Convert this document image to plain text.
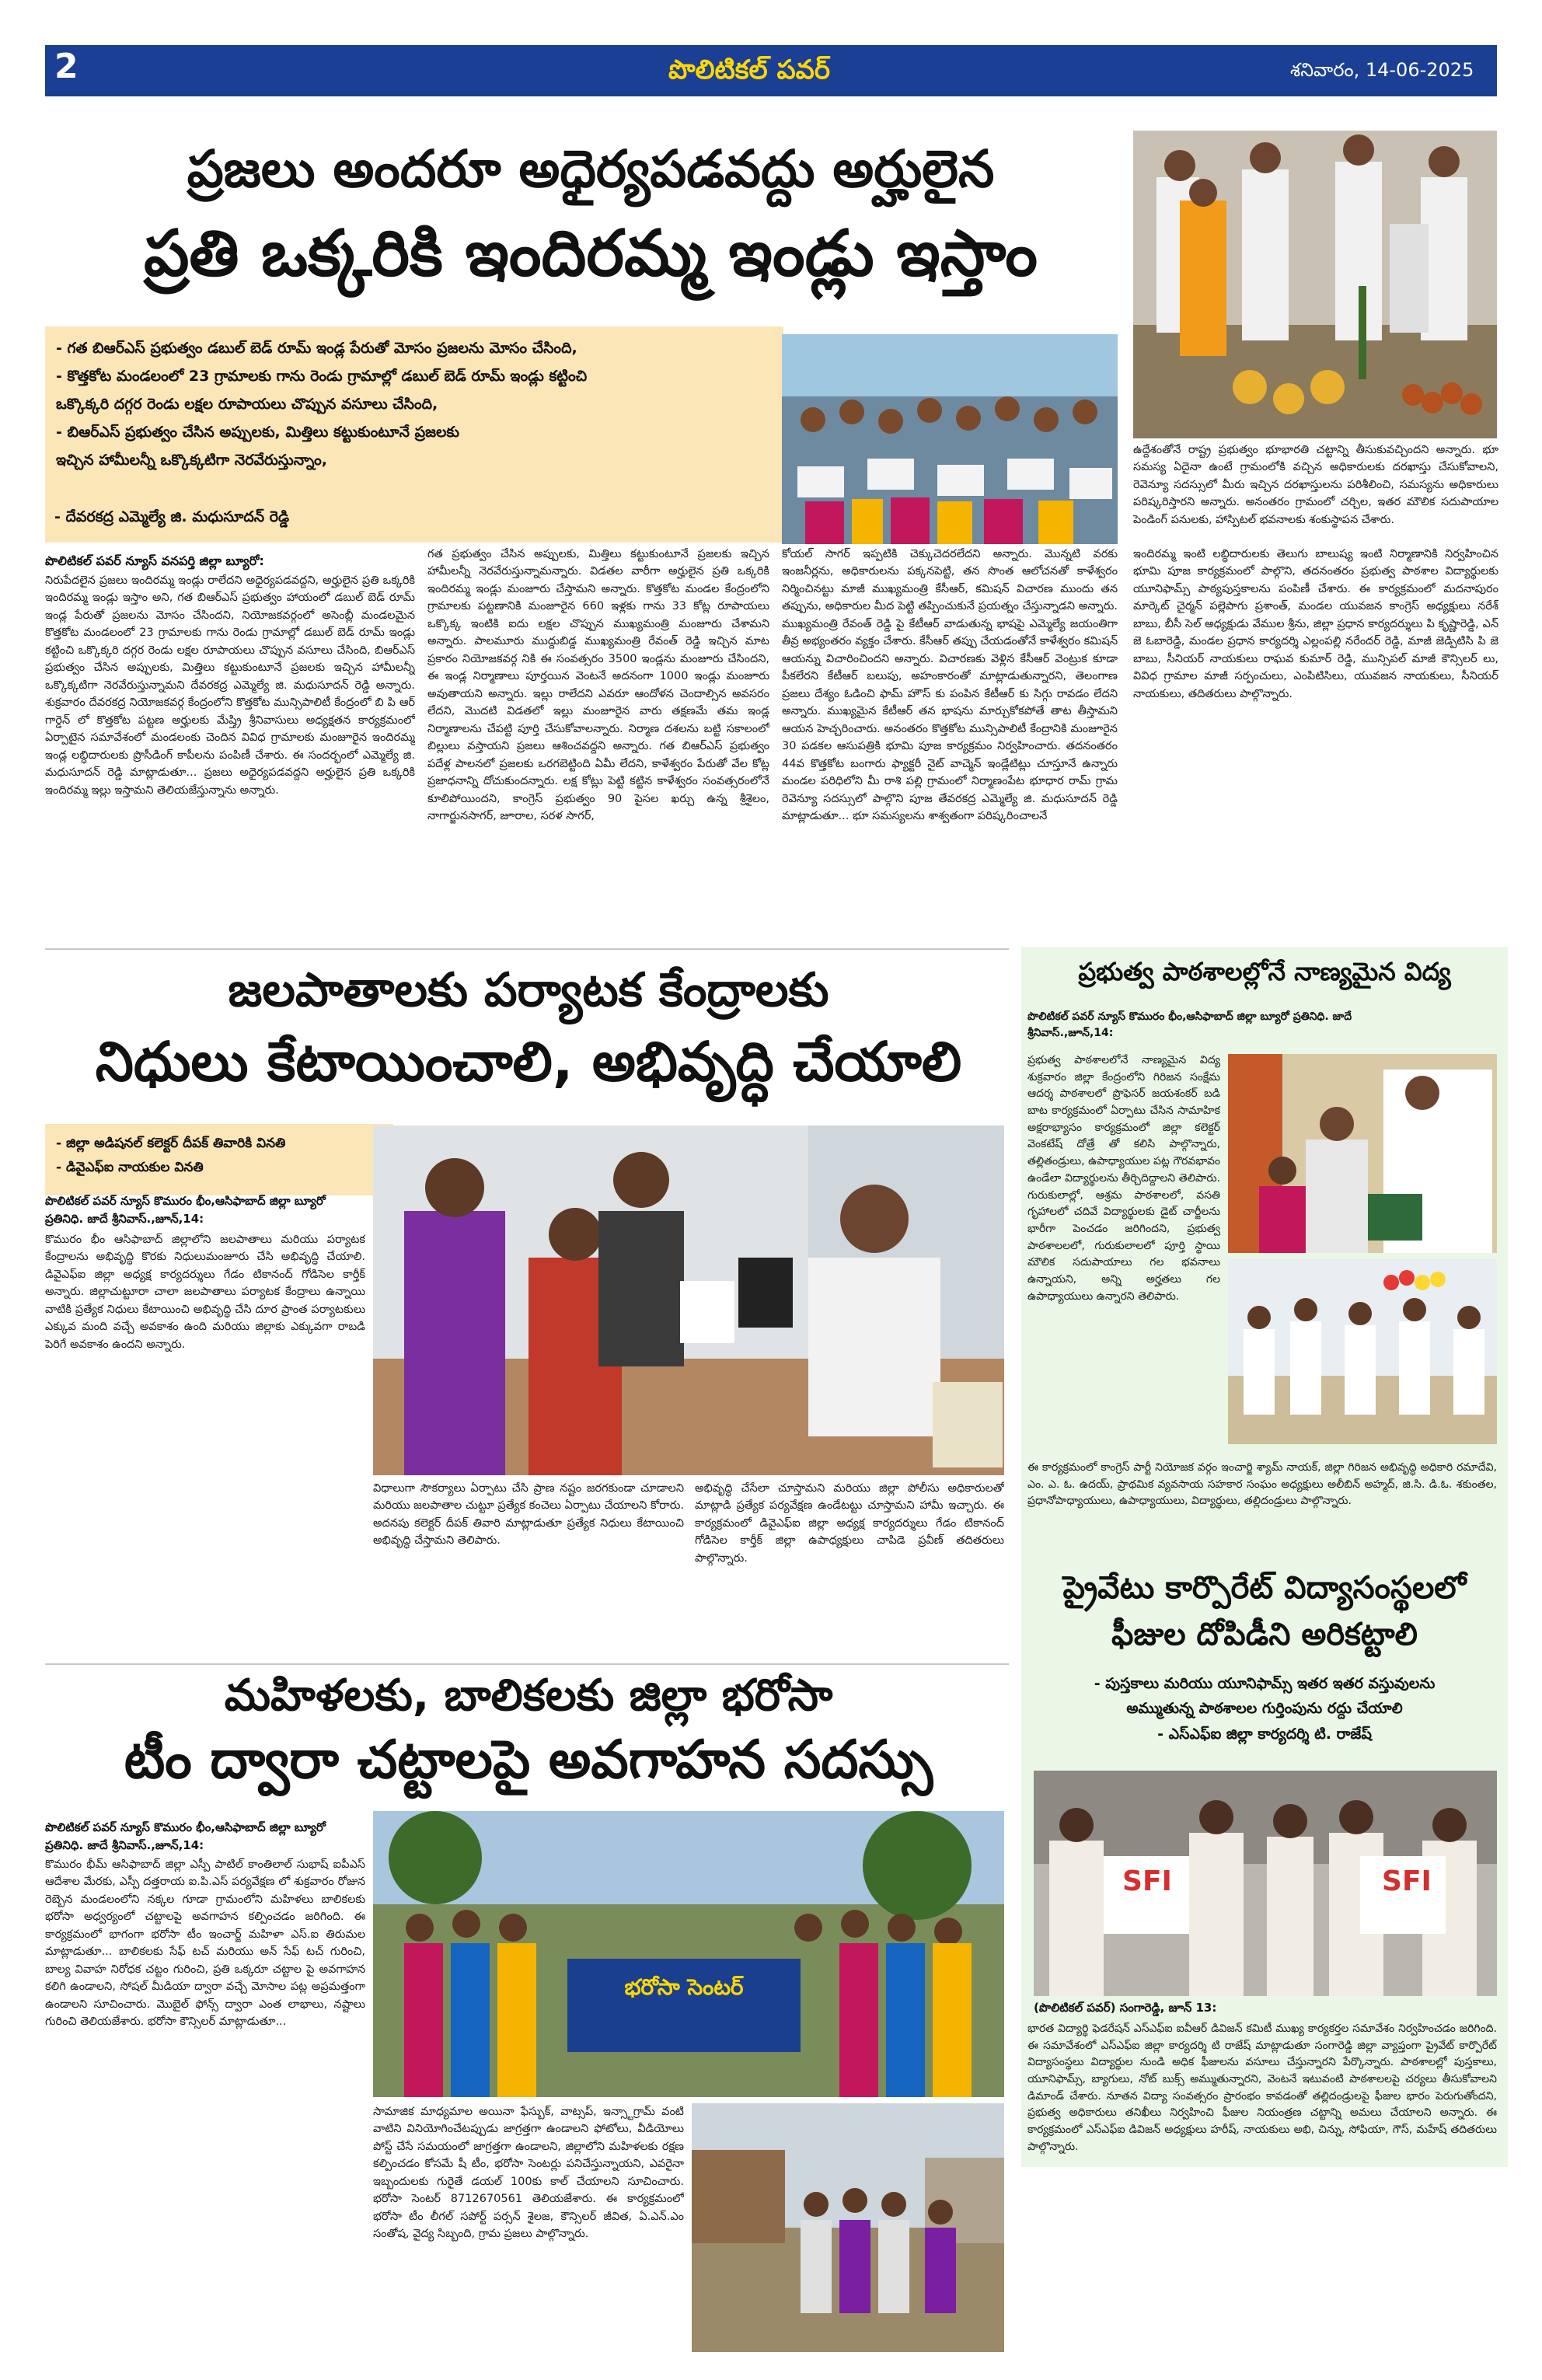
2	పొలిటికల్ పవర్	శనివారం, 14-06-2025
ప్రజలు అందరూ అధైర్యపడవద్దు అర్హులైన
ప్రతి ఒక్కరికి ఇందిరమ్మ ఇండ్లు ఇస్తాం
- గత బిఆర్ఎస్ ప్రభుత్వం డబుల్ బెడ్ రూమ్ ఇండ్ల పేరుతో మోసం ప్రజలను మోసం చేసింది,
- కొత్తకోట మండలంలో 23 గ్రామాలకు గాను రెండు గ్రామాల్లో డబుల్ బెడ్ రూమ్ ఇండ్లు కట్టించి
ఒక్కొక్కరి దగ్గర రెండు లక్షల రూపాయలు చొప్పున వసూలు చేసింది,
- బిఆర్ఎస్ ప్రభుత్వం చేసిన అప్పులకు, మిత్తిలు కట్టుకుంటూనే ప్రజలకు
ఇచ్చిన హామీలన్నీ ఒక్కొక్కటిగా నెరవేరుస్తున్నాం,
- దేవరకద్ర ఎమ్మెల్యే జి. మధుసూదన్ రెడ్డి
పొలిటికల్ పవర్ న్యూస్ వనపర్తి జిల్లా బ్యూరో:
నిరుపేదలైన ప్రజలు ఇందిరమ్మ ఇండ్లు రాలేదని అధైర్యపడవద్దని, అర్హులైన ప్రతి ఒక్కరికి ఇందిరమ్మ ఇండ్లు ఇస్తాం అని, గత బిఆర్ఎస్ ప్రభుత్వం హాయంలో డబుల్ బెడ్ రూమ్ ఇండ్ల పేరుతో ప్రజలను మోసం చేసిందని, నియోజకవర్గంలో అసెంబ్లీ మండలమైన కొత్తకోట మండలంలో 23 గ్రామాలకు గాను రెండు గ్రామాల్లో డబుల్ బెడ్ రూమ్ ఇండ్లు కట్టించి ఒక్కొక్కరి దగ్గర రెండు లక్షల రూపాయలు చొప్పున వసూలు చేసింది, బిఆర్ఎస్ ప్రభుత్వం చేసిన అప్పులకు, మిత్తిలు కట్టుకుంటూనే ప్రజలకు ఇచ్చిన హామీలన్నీ ఒక్కొక్కటిగా నెరవేరుస్తున్నామని దేవరకద్ర ఎమ్మెల్యే జి. మధుసూదన్ రెడ్డి అన్నారు. శుక్రవారం దేవరకద్ర నియోజకవర్గ కేంద్రంలోని కొత్తకోట మున్సిపాలిటీ కేంద్రంలో బి పి ఆర్ గార్డెన్ లో కొత్తకోట పట్టణ అర్హులకు మేష్త్రి శ్రీనివాసులు అధ్యక్షతన కార్యక్రమంలో ఏర్పాటైన సమావేశంలో మండలంకు చెందిన వివిధ గ్రామాలకు మంజూరైన ఇందిరమ్మ ఇండ్ల లబ్ధిదారులకు ప్రొసీడింగ్ కాపీలను పంపిణీ చేశారు. ఈ సందర్భంలో ఎమ్మెల్యే జి. మధుసూదన్ రెడ్డి మాట్లాడుతూ... ప్రజలు అధైర్యపడవద్దని అర్హులైన ప్రతి ఒక్కరికి ఇందిరమ్మ ఇల్లు ఇస్తామని తెలియజేస్తున్నాను అన్నారు.
గత ప్రభుత్వం చేసిన అప్పులకు, మిత్తిలు కట్టుకుంటూనే ప్రజలకు ఇచ్చిన హామీలన్నీ నెరవేరుస్తున్నామన్నారు. విడతల వారీగా అర్హులైన ప్రతి ఒక్కరికి ఇందిరమ్మ ఇండ్లు మంజూరు చేస్తామని అన్నారు. కొత్తకోట మండల కేంద్రంలోని గ్రామాలకు పట్టణానికి మంజూరైన 660 ఇళ్లకు గాను 33 కోట్ల రూపాయలు ఒక్కొక్క ఇంటికి ఐదు లక్షల చొప్పున ముఖ్యమంత్రి మంజూరు చేశామని అన్నారు. పాలమూరు ముద్దుబిడ్డ ముఖ్యమంత్రి రేవంత్ రెడ్డి ఇచ్చిన మాట ప్రకారం నియోజకవర్గ నికి ఈ సంవత్సరం 3500 ఇండ్లను మంజూరు చేసిందని, ఈ ఇండ్ల నిర్మాణాలు పూర్తయిన వెంటనే అదనంగా 1000 ఇండ్లు మంజూరు అవుతాయని అన్నారు. ఇల్లు రాలేదని ఎవరూ ఆందోళన చెందాల్సిన అవసరం లేదని, మొదటి విడతలో ఇల్లు మంజూరైన వారు తక్షణమే తమ ఇండ్ల నిర్మాణాలను చేపట్టి పూర్తి చేసుకోవాలన్నారు. నిర్మాణ దశలను బట్టి సకాలంలో బిల్లులు వస్తాయని ప్రజలు ఆశించవద్దని అన్నారు. గత బిఆర్ఎస్ ప్రభుత్వం పదేళ్ల పాలనలో ప్రజలకు ఒరగబెట్టింది ఏమీ లేదని, కాళేశ్వరం పేరుతో వేల కోట్ల ప్రజాధనాన్ని దోచుకుందన్నారు. లక్ష కోట్లు పెట్టి కట్టిన కాళేశ్వరం సంవత్సరంలోనే కూలిపోయిందని, కాంగ్రెస్ ప్రభుత్వం 90 పైసల ఖర్చు ఉన్న శ్రీశైలం, నాగార్జునసాగర్, జూరాల, సరళ సాగర్,
కోయల్ సాగర్ ఇప్పటికి చెక్కుచెదరలేదని అన్నారు. మొన్నటి వరకు ఇంజనీర్లను, అధికారులను పక్కనపెట్టి, తన సొంత ఆలోచనతో కాళేశ్వరం నిర్మించినట్టు మాజీ ముఖ్యమంత్రి కేసీఆర్, కమిషన్ విచారణ ముందు తన తప్పును, అధికారుల మీద పెట్టి తప్పించుకునే ప్రయత్నం చేస్తున్నాడని అన్నారు. ముఖ్యమంత్రి రేవంత్ రెడ్డి పై కేటీఆర్ వాడుతున్న భాషపై ఎమ్మెల్యే జయంతిగా తీవ్ర అభ్యంతరం వ్యక్తం చేశారు. కేసీఆర్ తప్పు చేయడంతోనే కాళేశ్వరం కమిషన్ ఆయన్ను విచారించిందని అన్నారు. విచారణకు వెళ్లిన కేసీఆర్ వెంట్రుక కూడా పీకలేరని కేటీఆర్ బలుపు, అహంకారంతో మాట్లాడుతున్నారని, తెలంగాణ ప్రజలు దేశ్యం ఓడించి ఫామ్ హౌస్ కు పంపిన కేటీఆర్ కు సిగ్గు రావడం లేదని అన్నారు. ముఖ్యమైన కేటీఆర్ తన భాషను మార్చుకోకపోతే తాట తీస్తామని ఆయన హెచ్చరించారు. అనంతరం కొత్తకోట మున్సిపాలిటీ కేంద్రానికి మంజూరైన 30 పడకల ఆసుపత్రికి భూమి పూజ కార్యక్రమం నిర్వహించారు. తదనంతరం 44వ కొత్తకోట బంగారు ఫ్యాక్టరీ నైట్ వాచ్మెన్ ఇండ్లేటిట్లు చూస్తూనే ఉన్నారు మండల పరిధిలోని మీ రాశి పల్లి గ్రామంలో నిర్మాణంపేట భూధార రామ్ గ్రామ రెవెన్యూ సదస్సులో పాల్గొని పూజ తేవరకద్ర ఎమ్మెల్యే జి. మధుసూదన్ రెడ్డి మాట్లాడుతూ... భూ సమస్యలను శాశ్వతంగా పరిష్కరించాలనే
ఉద్దేశంతోనే రాష్ట్ర ప్రభుత్వం భూభారతి చట్టాన్ని తీసుకువచ్చిందని అన్నారు. భూ సమస్య ఏదైనా ఉంటే గ్రామంలోకి వచ్చిన అధికారులకు దరఖాస్తు చేసుకోవాలని, రెవెన్యూ సదస్సులో మీరు ఇచ్చిన దరఖాస్తులను పరిశీలించి, సమస్యను అధికారులు పరిష్కరిస్తారని అన్నారు. అనంతరం గ్రామంలో చర్చిల, ఇతర మౌలిక సదుపాయాల పెండింగ్ పనులకు, హాస్పిటల్ భవనాలకు శంకుస్థాపన చేశారు.
ఇందిరమ్మ ఇంటి లబ్ధిదారులకు తెలుగు బాలుష్య ఇంటి నిర్మాణానికి నిర్వహించిన భూమి పూజ కార్యక్రమంలో పాల్గొని, తదనంతరం ప్రభుత్వ పాఠశాల విద్యార్థులకు యూనిఫామ్స్ పాఠ్యపుస్తకాలను పంపిణీ చేశారు. ఈ కార్యక్రమంలో మదనాపురం మార్కెట్ చైర్మన్ పల్లెపాగు ప్రశాంత్, మండల యువజన కాంగ్రెస్ అధ్యక్షులు నరేశ్ బాబు, బీసీ సెల్ అధ్యక్షుడు వేముల శ్రీను, జిల్లా ప్రధాన కార్యదర్శులు పి కృష్ణారెడ్డి, ఎన్ జె ఓబారెడ్డి, మండల ప్రధాన కార్యదర్శి ఎల్లంపల్లి నరేందర్ రెడ్డి, మాజీ జెడ్పిటిసి పి జె బాబు, సీనియర్ నాయకులు రాఘవ కుమార్ రెడ్డి, మున్సిపల్ మాజీ కౌన్సిలర్ లు, వివిధ గ్రామాల మాజీ సర్పంచులు, ఎంపిటిసిలు, యువజన నాయకులు, సీనియర్ నాయకులు, తదితరులు పాల్గొన్నారు.
జలపాతాలకు పర్యాటక కేంద్రాలకు
నిధులు కేటాయించాలి, అభివృద్ధి చేయాలి
- జిల్లా అడిషనల్ కలెక్టర్ దీపక్ తివారికి వినతి
- డివైఎఫ్ఐ నాయకుల వినతి
పొలిటికల్ పవర్ న్యూస్ కొమురం భీం,ఆసిఫాబాద్ జిల్లా బ్యూరో ప్రతినిధి. జాదే శ్రీనివాస్.,జూన్,14:
కొమురం భీం ఆసిఫాబాద్ జిల్లాలోని జలపాతాలు మరియు పర్యాటక కేంద్రాలను అభివృద్ధి కొరకు నిధులుమంజూరు చేసి అభివృద్ధి చేయాలి. డివైఎఫ్ఐ జిల్లా అధ్యక్ష కార్యదర్శులు గేడం టికానంద్ గోడిసెల కార్తీక్ అన్నారు. జిల్లాచుట్టూరా చాలా జలపాతాలు పర్యాటక కేంద్రాలు ఉన్నాయి వాటికి ప్రత్యేక నిధులు కేటాయించి అభివృద్ధి చేసి దూర ప్రాంత పర్యాటకులు ఎక్కువ మంది వచ్చే అవకాశం ఉంది మరియు జిల్లాకు ఎక్కువగా రాబడి పెరిగే అవకాశం ఉందని అన్నారు.
విధాలుగా సౌకర్యాలు ఏర్పాటు చేసి ప్రాణ నష్టం జరగకుండా చూడాలని మరియు జలపాతాల చుట్టూ ప్రత్యేక కంచెలు ఏర్పాటు చేయాలని కోరారు. అదనపు కలెక్టర్ దీపక్ తివారి మాట్లాడుతూ ప్రత్యేక నిధులు కేటాయించి అభివృద్ధి చేస్తామని తెలిపారు.
అభివృద్ధి చేసేలా చూస్తామని మరియు జిల్లా పోలీసు అధికారులతో మాట్లాడి ప్రత్యేక పర్యవేక్షణ ఉండేటట్టు చూస్తామని హామీ ఇచ్చారు. ఈ కార్యక్రమంలో డివైఎఫ్ఐ జిల్లా అధ్యక్ష కార్యదర్శులు గేడం టికానంద్ గోడిసెల కార్తీక్ జిల్లా ఉపాధ్యక్షులు చాపిడె ప్రవీణ్ తదితరులు పాల్గొన్నారు.
ప్రభుత్వ పాఠశాలల్లోనే నాణ్యమైన విద్య
పొలిటికల్ పవర్ న్యూస్ కొమురం భీం,ఆసిఫాబాద్ జిల్లా బ్యూరో ప్రతినిధి. జాదే శ్రీనివాస్.,జూన్,14:
ప్రభుత్వ పాఠశాలలోనే నాణ్యమైన విద్య శుక్రవారం జిల్లా కేంద్రంలోని గిరిజన సంక్షేమ ఆదర్శ పాఠశాలలో ప్రొఫెసర్ జయశంకర్ బడి బాట కార్యక్రమంలో ఏర్పాటు చేసిన సామాహిక అక్షరాభ్యాసం కార్యక్రమంలో జిల్లా కలెక్టర్ వెంకటేష్ దోత్రే తో కలిసి పాల్గొన్నారు, తల్లితండ్రులు, ఉపాధ్యాయుల పట్ల గౌరవభావం ఉండేలా విద్యార్థులను తీర్చిదిద్దాలని తెలిపారు. గురుకులాల్లో, ఆశ్రమ పాఠశాలలో, వసతి గృహాలలో చదివే విద్యార్థులకు డైట్ చార్జీలను భారీగా పెంచడం జరిగిందని, ప్రభుత్వ పాఠశాలలలో, గురుకులాలలో పూర్తి స్థాయి మౌలిక సదుపాయాలు గల భవనాలు ఉన్నాయని, అన్ని అర్హతలు గల ఉపాధ్యాయులు ఉన్నారని తెలిపారు.
ఈ కార్యక్రమంలో కాంగ్రెస్ పార్టీ నియోజక వర్గం ఇంచార్జి శ్యామ్ నాయక్, జిల్లా గిరిజన అభివృద్ధి అధికారి రమాదేవి, ఎం. ఎ. ఓ. ఉదయ్, ప్రాథమిక వ్యవసాయ సహకార సంఘం అధ్యక్షులు అలీబిన్ అహ్మద్, జి.సి. డి.ఓ. శకుంతల, ప్రధానోపాధ్యాయులు, ఉపాధ్యాయులు, విద్యార్థులు, తల్లిదండ్రులు పాల్గొన్నారు.
ప్రైవేటు కార్పొరేట్ విద్యాసంస్థలలో
ఫీజుల దోపిడీని అరికట్టాలి
- పుస్తకాలు మరియు యూనిఫామ్స్ ఇతర ఇతర వస్తువులను
అమ్ముతున్న పాఠశాలల గుర్తింపును రద్దు చేయాలి
- ఎస్ఎఫ్ఐ జిల్లా కార్యదర్శి టి. రాజేష్
SFI	SFI
(పొలిటికల్ పవర్) సంగారెడ్డి, జూన్ 13:
భారత విద్యార్థి ఫెడరేషన్ ఎస్ఎఫ్ఐ ఐవీఆర్ డివిజన్ కమిటీ ముఖ్య కార్యకర్తల సమావేశం నిర్వహించడం జరిగింది. ఈ సమావేశంలో ఎస్ఎఫ్ఐ జిల్లా కార్యదర్శి టి రాజేష్ మాట్లాడుతూ సంగారెడ్డి జిల్లా వ్యాప్తంగా ప్రైవేట్ కార్పొరేట్ విద్యాసంస్థలు విద్యార్థుల నుండి అధిక ఫీజులను వసూలు చేస్తున్నారని పేర్కొన్నారు. పాఠశాలల్లో పుస్తకాలు, యూనిఫామ్స్, బ్యాగులు, నోట్ బుక్స్ అమ్ముతున్నారని, వెంటనే ఇటువంటి పాఠశాలలపై చర్యలు తీసుకోవాలని డిమాండ్ చేశారు. నూతన విద్యా సంవత్సరం ప్రారంభం కావడంతో తల్లిదండ్రులపై ఫీజుల భారం పెరుగుతోందని, ప్రభుత్వ అధికారులు తనిఖీలు నిర్వహించి ఫీజుల నియంత్రణ చట్టాన్ని అమలు చేయాలని అన్నారు. ఈ కార్యక్రమంలో ఎస్ఎఫ్ఐ డివిజన్ అధ్యక్షులు హరీష్, నాయకులు అభి, చిన్ను, సోఫియా, గౌస్, మహేష్ తదితరులు పాల్గొన్నారు.
మహిళలకు, బాలికలకు జిల్లా భరోసా
టీం ద్వారా చట్టాలపై అవగాహన సదస్సు
పొలిటికల్ పవర్ న్యూస్ కొమురం భీం,ఆసిఫాబాద్ జిల్లా బ్యూరో ప్రతినిధి. జాదే శ్రీనివాస్.,జూన్,14:
కొమురం భీమ్ ఆసిఫాబాద్ జిల్లా ఎస్పీ పాటిల్ కాంతిలాల్ సుభాష్ ఐపీఎస్ ఆదేశాల మేరకు, ఎస్పీ దత్తరాయ ఐ.పి.ఎస్ పర్యవేక్షణ లో శుక్రవారం రోజున రెబ్బెన మండలంలోని నక్కల గూడా గ్రామంలోని మహిళలు బాలికలకు భరోసా అధ్వర్యంలో చట్టాలపై అవగాహన కల్పించడం జరిగింది. ఈ కార్యక్రమంలో భాగంగా భరోసా టీం ఇంచార్జ్ మహిళా ఎస్.ఐ తిరుమల మాట్లాడుతూ... బాలికలకు సేఫ్ టచ్ మరియు అన్ సేఫ్ టచ్ గురించి, బాల్య వివాహ నిరోధక చట్టం గురించి, ప్రతి ఒక్కరూ చట్టాల పై అవగాహన కలిగి ఉండాలని, సోషల్ మీడియా ద్వారా వచ్చే మోసాల పట్ల అప్రమత్తంగా ఉండాలని సూచించారు. మొబైల్ ఫోన్స్ ద్వారా ఎంత లాభాలు, నష్టాలు గురించి తెలియజేశారు. భరోసా కౌన్సిలర్ మాట్లాడుతూ...
భరోసా సెంటర్
సామాజిక మాధ్యమాల అయినా ఫేస్బుక్, వాట్సప్, ఇన్స్టాగ్రామ్ వంటి వాటిని వినియోగించేటప్పుడు జాగ్రత్తగా ఉండాలని ఫోటోలు, వీడియోలు పోస్ట్ చేసే సమయంలో జాగ్రత్తగా ఉండాలని, జిల్లాలోని మహిళలకు రక్షణ కల్పించడం కోసమే షీ టీం, భరోసా సెంటర్లు పనిచేస్తున్నాయని, ఎవరైనా ఇబ్బందులకు గురైతే డయల్ 100కు కాల్ చేయాలని సూచించారు. భరోసా సెంటర్ 8712670561 తెలియజేశారు. ఈ కార్యక్రమంలో భరోసా టీం లీగల్ సపోర్ట్ పర్సన్ శైలజ, కౌన్సిలర్ జీవిత, ఏ.ఎన్.ఎం సంతోష, వైద్య సిబ్బంది, గ్రామ ప్రజలు పాల్గొన్నారు.
